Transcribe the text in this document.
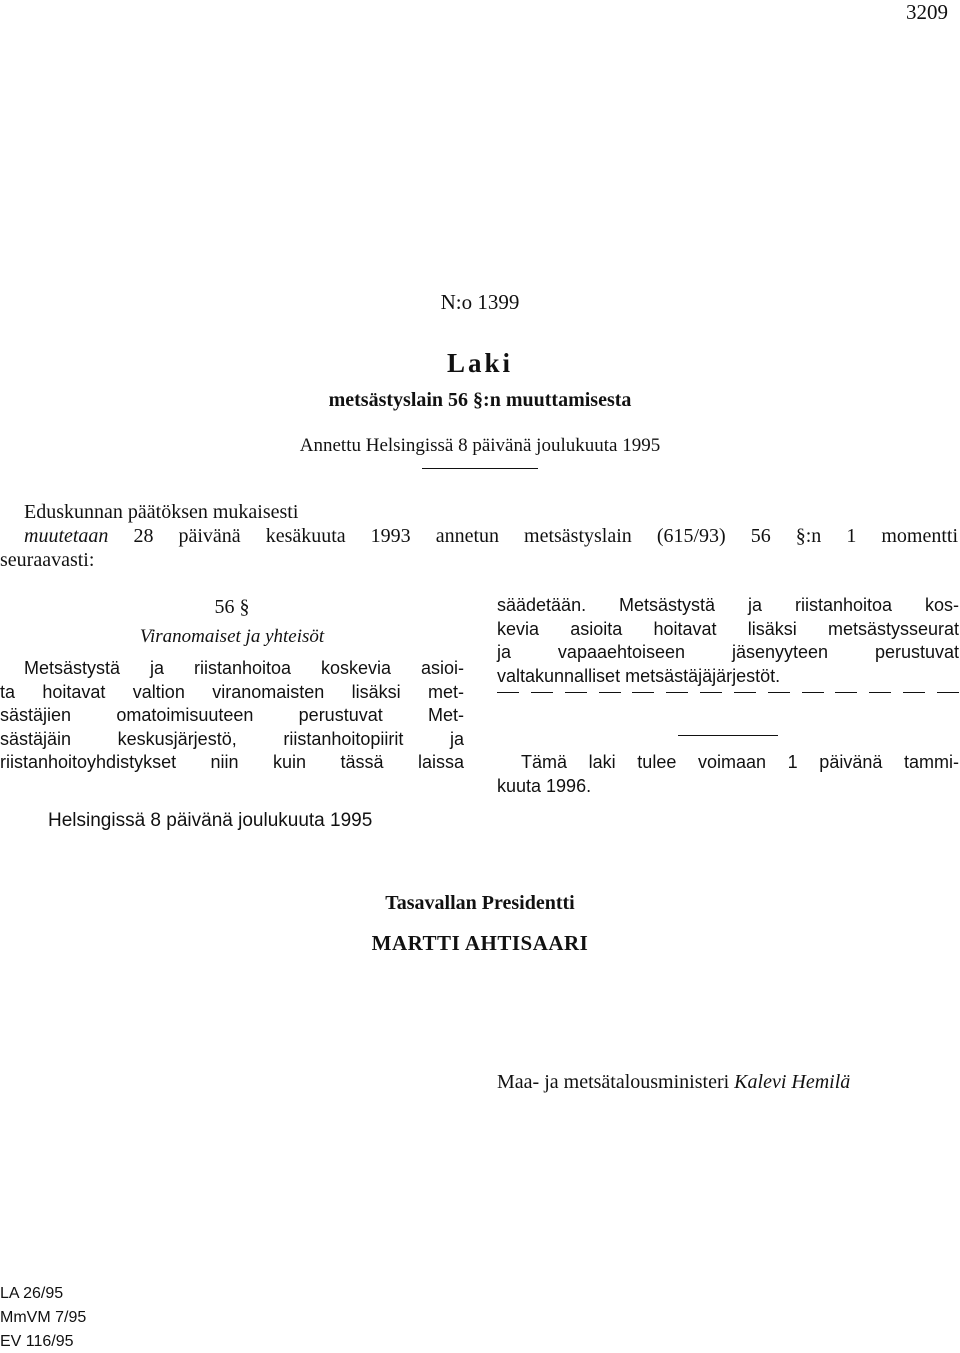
3209
N:o 1399
Laki
metsästyslain 56 §:n muuttamisesta
Annettu Helsingissä 8 päivänä joulukuuta 1995
Eduskunnan päätöksen mukaisesti
muutetaan 28 päivänä kesäkuuta 1993 annetun metsästyslain (615/93) 56 §:n 1 momentti
seuraavasti:
56 §
Viranomaiset ja yhteisöt
Metsästystä ja riistanhoitoa koskevia asioi-
ta hoitavat valtion viranomaisten lisäksi met-
sästäjien omatoimisuuteen perustuvat Met-
sästäjäin keskusjärjestö, riistanhoitopiirit ja
riistanhoitoyhdistykset niin kuin tässä laissa
säädetään. Metsästystä ja riistanhoitoa kos-
kevia asioita hoitavat lisäksi metsästysseurat
ja vapaaehtoiseen jäsenyyteen perustuvat
valtakunnalliset metsästäjäjärjestöt.
Tämä laki tulee voimaan 1 päivänä tammi-
kuuta 1996.
Helsingissä 8 päivänä joulukuuta 1995
Tasavallan Presidentti
MARTTI AHTISAARI
Maa- ja metsätalousministeri Kalevi Hemilä
LA 26/95
MmVM 7/95
EV 116/95
